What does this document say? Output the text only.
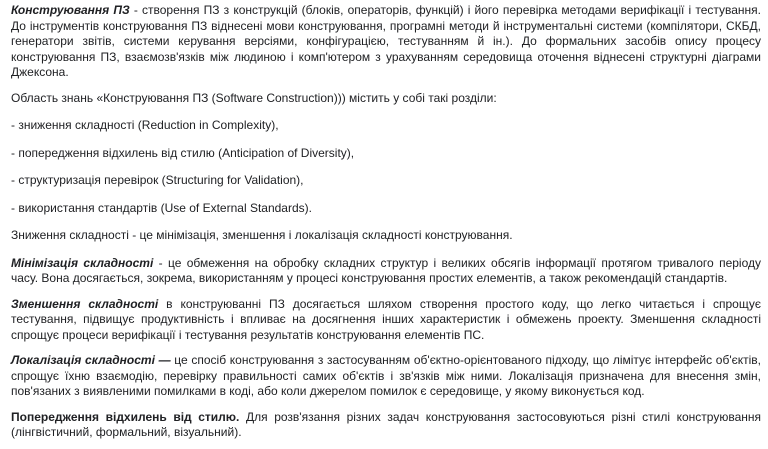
Конструювання ПЗ - створення ПЗ з конструкцій (блоків, операторів, функцій) і його перевірка методами верифікації і тестування. До інструментів конструювання ПЗ віднесені мови конструювання, програмні методи й інструментальні системи (компілятори, СКБД, генератори звітів, системи керування версіями, конфігурацією, тестуванням й ін.). До формальних засобів опису процесу конструювання ПЗ, взаємозв'язків між людиною і комп'ютером з урахуванням середовища оточення віднесені структурні діаграми Джексона.

Область знань «Конструювання ПЗ (Software Construction))) містить у собі такі розділи:

- зниження складності (Reduction in Complexity),

- попередження відхилень від стилю (Anticipation of Diversity),

- структуризація перевірок (Structuring for Validation),

- використання стандартів (Use of External Standards).

Зниження складності - це мінімізація, зменшення і локалізація складності конструювання.

Мінімізація складності - це обмеження на обробку складних структур і великих обсягів інформації протягом тривалого періоду часу. Вона досягається, зокрема, використанням у процесі конструювання простих елементів, а також рекомендацій стандартів.

Зменшення складності в конструюванні ПЗ досягається шляхом створення простого коду, що легко читається і спрощує тестування, підвищує продуктивність і впливає на досягнення інших характеристик і обмежень проекту. Зменшення складності спрощує процеси верифікації і тестування результатів конструювання елементів ПС.

Локалізація складності — це спосіб конструювання з застосуванням об'єктно-орієнтованого підходу, що лімітує інтерфейс об'єктів, спрощує їхню взаємодію, перевірку правильності самих об'єктів і зв'язків між ними. Локалізація призначена для внесення змін, пов'язаних з виявленими помилками в коді, або коли джерелом помилок є середовище, у якому виконується код.

Попередження відхилень від стилю. Для розв'язання різних задач конструювання застосовуються різні стилі конструювання (лінгвістичний, формальний, візуальний).
